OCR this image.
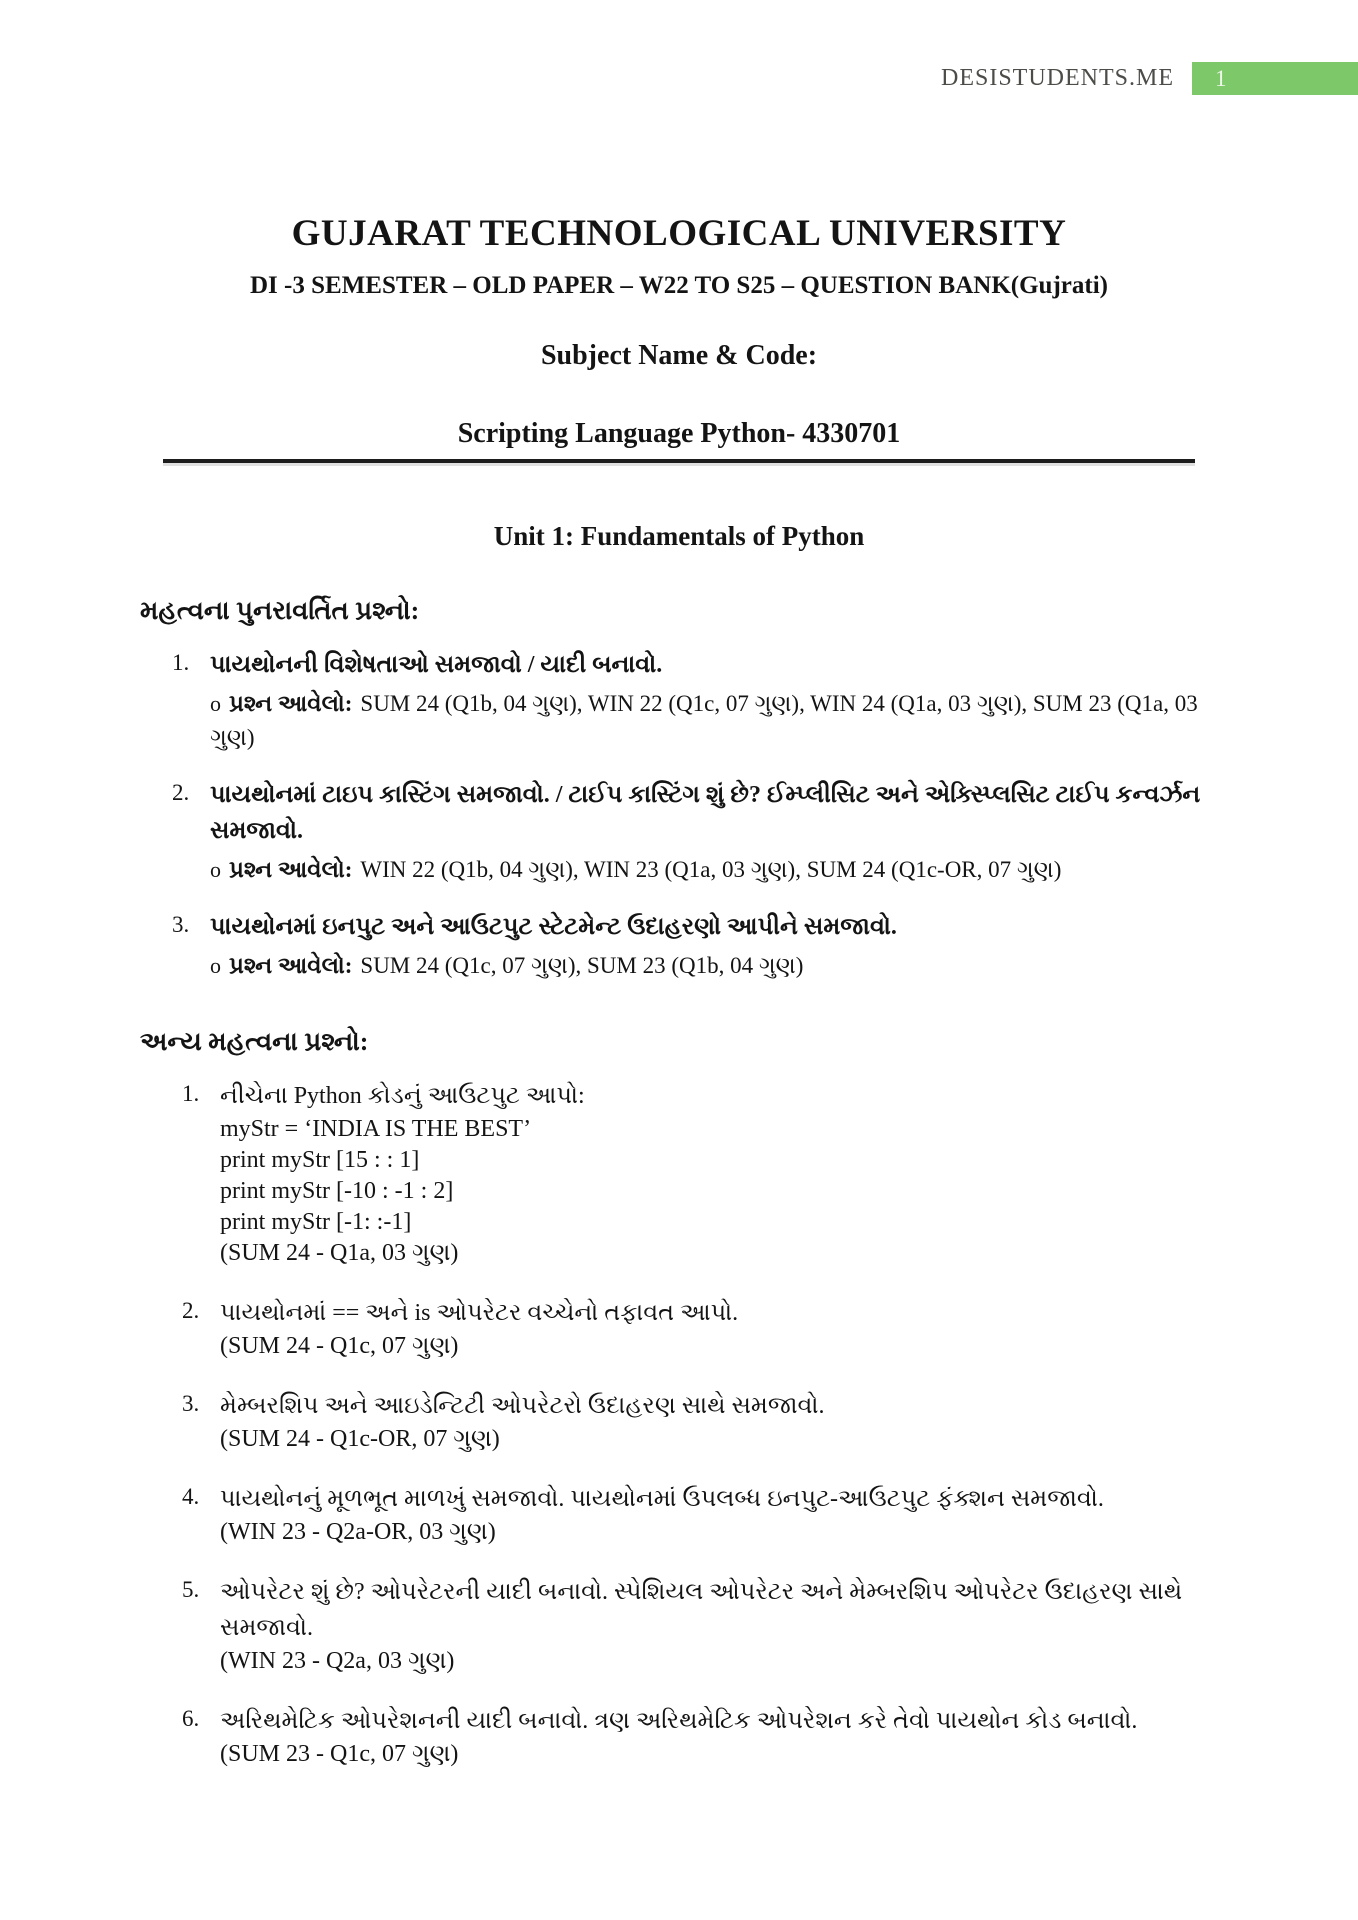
DESISTUDENTS.ME 1
GUJARAT TECHNOLOGICAL UNIVERSITY
DI -3 SEMESTER – OLD PAPER – W22 TO S25 – QUESTION BANK(Gujrati)
Subject Name & Code:
Scripting Language Python- 4330701
Unit 1: Fundamentals of Python
મહત્વના પુનરાવર્તિત પ્રશ્નો:
1. પાયથોનની વિશેષતાઓ સમજાવો / યાદી બનાવો.
o પ્રશ્ન આવેલો: SUM 24 (Q1b, 04 ગુણ), WIN 22 (Q1c, 07 ગુણ), WIN 24 (Q1a, 03 ગુણ), SUM 23 (Q1a, 03 ગુણ)
2. પાયથોનમાં ટાઇપ કાસ્ટિંગ સમજાવો. / ટાઈપ કાસ્ટિંગ શું છે? ઈમ્પ્લીસિટ અને એક્સ્પ્લિસિટ ટાઈપ કન્વર્ઝન સમજાવો.
o પ્રશ્ન આવેલો: WIN 22 (Q1b, 04 ગુણ), WIN 23 (Q1a, 03 ગુણ), SUM 24 (Q1c-OR, 07 ગુણ)
3. પાયથોનમાં ઇનપુટ અને આઉટપુટ સ્ટેટમેન્ટ ઉદાહરણો આપીને સમજાવો.
o પ્રશ્ન આવેલો: SUM 24 (Q1c, 07 ગુણ), SUM 23 (Q1b, 04 ગુણ)
અન્ય મહત્વના પ્રશ્નો:
1. નીચેના Python કોડનું આઉટપુટ આપો:
myStr = ‘INDIA IS THE BEST’
print myStr [15 : : 1]
print myStr [-10 : -1 : 2]
print myStr [-1: :-1]
(SUM 24 - Q1a, 03 ગુણ)
2. પાયથોનમાં == અને is ઓપરેટર વચ્ચેનો તફાવત આપો.
(SUM 24 - Q1c, 07 ગુણ)
3. મેમ્બરશિપ અને આઇડેન્ટિટી ઓપરેટરો ઉદાહરણ સાથે સમજાવો.
(SUM 24 - Q1c-OR, 07 ગુણ)
4. પાયથોનનું મૂળભૂત માળખું સમજાવો. પાયથોનમાં ઉપલબ્ધ ઇનપુટ-આઉટપુટ ફંક્શન સમજાવો.
(WIN 23 - Q2a-OR, 03 ગુણ)
5. ઓપરેટર શું છે? ઓપરેટરની યાદી બનાવો. સ્પેશિયલ ઓપરેટર અને મેમ્બરશિપ ઓપરેટર ઉદાહરણ સાથે સમજાવો.
(WIN 23 - Q2a, 03 ગુણ)
6. અરિથમેટિક ઓપરેશનની યાદી બનાવો. ત્રણ અરિથમેટિક ઓપરેશન કરે તેવો પાયથોન કોડ બનાવો.
(SUM 23 - Q1c, 07 ગુણ)
